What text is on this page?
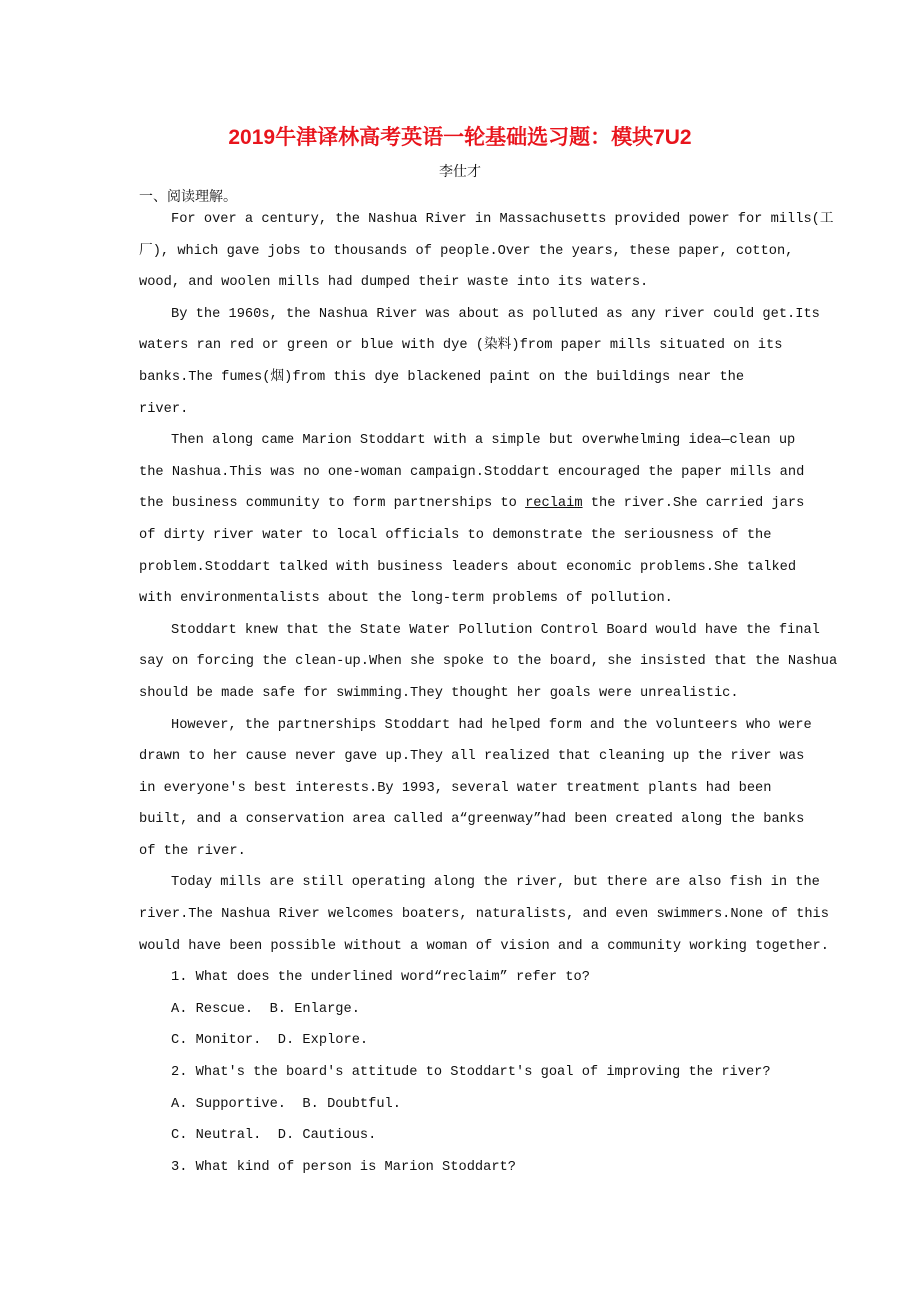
2019牛津译林高考英语一轮基础选习题：模块7U2
李仕才
一、阅读理解。
For over a century, the Nashua River in Massachusetts provided power for mills(工
厂), which gave jobs to thousands of people.Over the years, these paper, cotton,
wood, and woolen mills had dumped their waste into its waters.
By the 1960s, the Nashua River was about as polluted as any river could get.Its
waters ran red or green or blue with dye (染料)from paper mills situated on its
banks.The fumes(烟)from this dye blackened paint on the buildings near the
river.
Then along came Marion Stoddart with a simple but overwhelming idea—clean up
the Nashua.This was no one-woman campaign.Stoddart encouraged the paper mills and
the business community to form partnerships to reclaim the river.She carried jars
of dirty river water to local officials to demonstrate the seriousness of the
problem.Stoddart talked with business leaders about economic problems.She talked
with environmentalists about the long-term problems of pollution.
Stoddart knew that the State Water Pollution Control Board would have the final
say on forcing the clean-up.When she spoke to the board, she insisted that the Nashua
should be made safe for swimming.They thought her goals were unrealistic.
However, the partnerships Stoddart had helped form and the volunteers who were
drawn to her cause never gave up.They all realized that cleaning up the river was
in everyone's best interests.By 1993, several water treatment plants had been
built, and a conservation area called a“greenway”had been created along the banks
of the river.
Today mills are still operating along the river, but there are also fish in the
river.The Nashua River welcomes boaters, naturalists, and even swimmers.None of this
would have been possible without a woman of vision and a community working together.
1. What does the underlined word“reclaim” refer to?
A. Rescue.  B. Enlarge.
C. Monitor.  D. Explore.
2. What's the board's attitude to Stoddart's goal of improving the river?
A. Supportive.  B. Doubtful.
C. Neutral.  D. Cautious.
3. What kind of person is Marion Stoddart?
